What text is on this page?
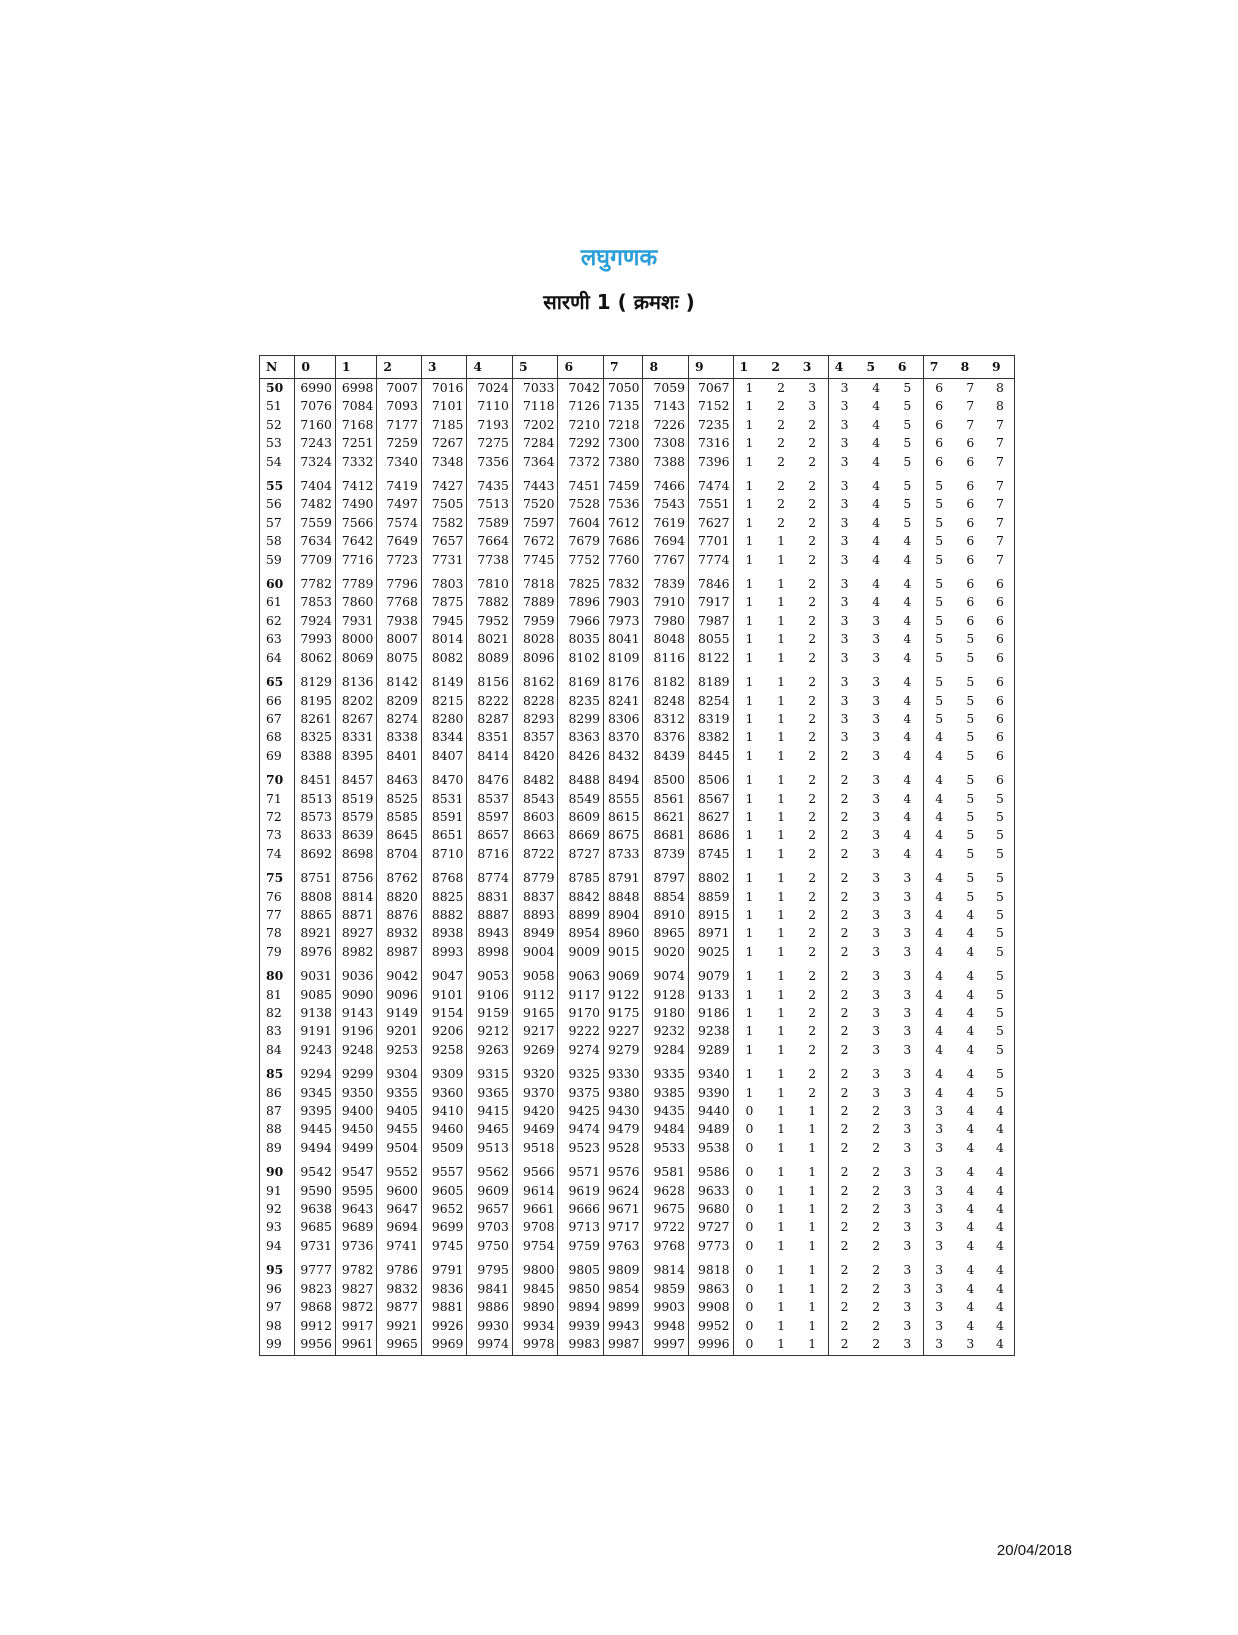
लघुगणक
सारणी 1 ( क्रमशः )
N	0	1	2	3	4	5	6	7	8	9	1	2	3	4	5	6	7	8	9
50	6990	6998	7007	7016	7024	7033	7042	7050	7059	7067	1	2	3	3	4	5	6	7	8
51	7076	7084	7093	7101	7110	7118	7126	7135	7143	7152	1	2	3	3	4	5	6	7	8
52	7160	7168	7177	7185	7193	7202	7210	7218	7226	7235	1	2	2	3	4	5	6	7	7
53	7243	7251	7259	7267	7275	7284	7292	7300	7308	7316	1	2	2	3	4	5	6	6	7
54	7324	7332	7340	7348	7356	7364	7372	7380	7388	7396	1	2	2	3	4	5	6	6	7
55	7404	7412	7419	7427	7435	7443	7451	7459	7466	7474	1	2	2	3	4	5	5	6	7
56	7482	7490	7497	7505	7513	7520	7528	7536	7543	7551	1	2	2	3	4	5	5	6	7
57	7559	7566	7574	7582	7589	7597	7604	7612	7619	7627	1	2	2	3	4	5	5	6	7
58	7634	7642	7649	7657	7664	7672	7679	7686	7694	7701	1	1	2	3	4	4	5	6	7
59	7709	7716	7723	7731	7738	7745	7752	7760	7767	7774	1	1	2	3	4	4	5	6	7
60	7782	7789	7796	7803	7810	7818	7825	7832	7839	7846	1	1	2	3	4	4	5	6	6
61	7853	7860	7768	7875	7882	7889	7896	7903	7910	7917	1	1	2	3	4	4	5	6	6
62	7924	7931	7938	7945	7952	7959	7966	7973	7980	7987	1	1	2	3	3	4	5	6	6
63	7993	8000	8007	8014	8021	8028	8035	8041	8048	8055	1	1	2	3	3	4	5	5	6
64	8062	8069	8075	8082	8089	8096	8102	8109	8116	8122	1	1	2	3	3	4	5	5	6
65	8129	8136	8142	8149	8156	8162	8169	8176	8182	8189	1	1	2	3	3	4	5	5	6
66	8195	8202	8209	8215	8222	8228	8235	8241	8248	8254	1	1	2	3	3	4	5	5	6
67	8261	8267	8274	8280	8287	8293	8299	8306	8312	8319	1	1	2	3	3	4	5	5	6
68	8325	8331	8338	8344	8351	8357	8363	8370	8376	8382	1	1	2	3	3	4	4	5	6
69	8388	8395	8401	8407	8414	8420	8426	8432	8439	8445	1	1	2	2	3	4	4	5	6
70	8451	8457	8463	8470	8476	8482	8488	8494	8500	8506	1	1	2	2	3	4	4	5	6
71	8513	8519	8525	8531	8537	8543	8549	8555	8561	8567	1	1	2	2	3	4	4	5	5
72	8573	8579	8585	8591	8597	8603	8609	8615	8621	8627	1	1	2	2	3	4	4	5	5
73	8633	8639	8645	8651	8657	8663	8669	8675	8681	8686	1	1	2	2	3	4	4	5	5
74	8692	8698	8704	8710	8716	8722	8727	8733	8739	8745	1	1	2	2	3	4	4	5	5
75	8751	8756	8762	8768	8774	8779	8785	8791	8797	8802	1	1	2	2	3	3	4	5	5
76	8808	8814	8820	8825	8831	8837	8842	8848	8854	8859	1	1	2	2	3	3	4	5	5
77	8865	8871	8876	8882	8887	8893	8899	8904	8910	8915	1	1	2	2	3	3	4	4	5
78	8921	8927	8932	8938	8943	8949	8954	8960	8965	8971	1	1	2	2	3	3	4	4	5
79	8976	8982	8987	8993	8998	9004	9009	9015	9020	9025	1	1	2	2	3	3	4	4	5
80	9031	9036	9042	9047	9053	9058	9063	9069	9074	9079	1	1	2	2	3	3	4	4	5
81	9085	9090	9096	9101	9106	9112	9117	9122	9128	9133	1	1	2	2	3	3	4	4	5
82	9138	9143	9149	9154	9159	9165	9170	9175	9180	9186	1	1	2	2	3	3	4	4	5
83	9191	9196	9201	9206	9212	9217	9222	9227	9232	9238	1	1	2	2	3	3	4	4	5
84	9243	9248	9253	9258	9263	9269	9274	9279	9284	9289	1	1	2	2	3	3	4	4	5
85	9294	9299	9304	9309	9315	9320	9325	9330	9335	9340	1	1	2	2	3	3	4	4	5
86	9345	9350	9355	9360	9365	9370	9375	9380	9385	9390	1	1	2	2	3	3	4	4	5
87	9395	9400	9405	9410	9415	9420	9425	9430	9435	9440	0	1	1	2	2	3	3	4	4
88	9445	9450	9455	9460	9465	9469	9474	9479	9484	9489	0	1	1	2	2	3	3	4	4
89	9494	9499	9504	9509	9513	9518	9523	9528	9533	9538	0	1	1	2	2	3	3	4	4
90	9542	9547	9552	9557	9562	9566	9571	9576	9581	9586	0	1	1	2	2	3	3	4	4
91	9590	9595	9600	9605	9609	9614	9619	9624	9628	9633	0	1	1	2	2	3	3	4	4
92	9638	9643	9647	9652	9657	9661	9666	9671	9675	9680	0	1	1	2	2	3	3	4	4
93	9685	9689	9694	9699	9703	9708	9713	9717	9722	9727	0	1	1	2	2	3	3	4	4
94	9731	9736	9741	9745	9750	9754	9759	9763	9768	9773	0	1	1	2	2	3	3	4	4
95	9777	9782	9786	9791	9795	9800	9805	9809	9814	9818	0	1	1	2	2	3	3	4	4
96	9823	9827	9832	9836	9841	9845	9850	9854	9859	9863	0	1	1	2	2	3	3	4	4
97	9868	9872	9877	9881	9886	9890	9894	9899	9903	9908	0	1	1	2	2	3	3	4	4
98	9912	9917	9921	9926	9930	9934	9939	9943	9948	9952	0	1	1	2	2	3	3	4	4
99	9956	9961	9965	9969	9974	9978	9983	9987	9997	9996	0	1	1	2	2	3	3	3	4
20/04/2018
